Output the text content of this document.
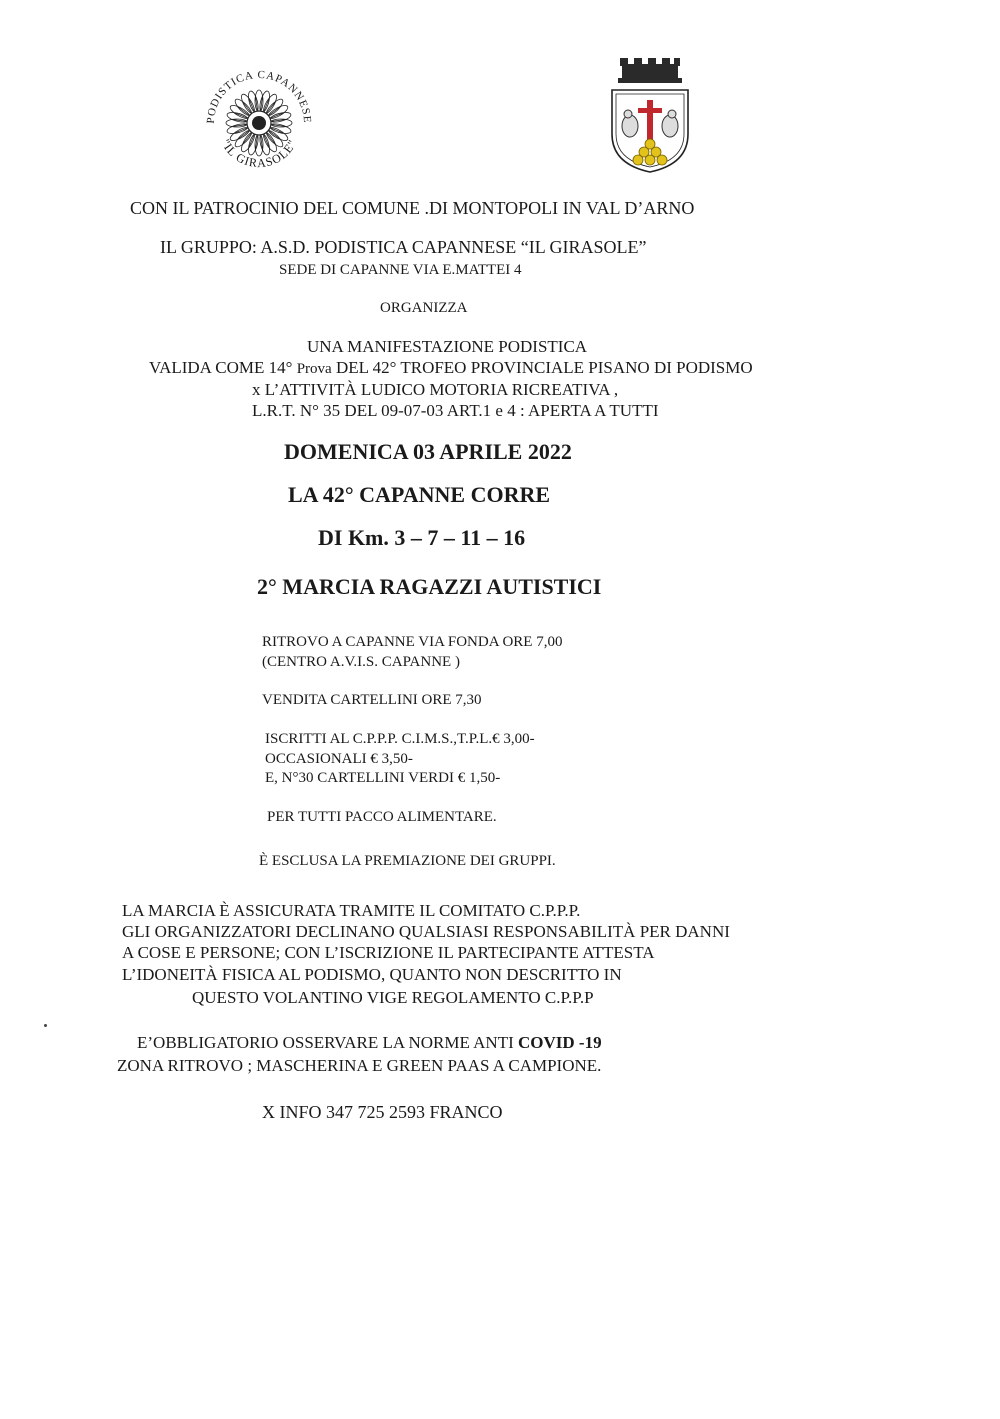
PODISTICA CAPANNESE
"IL GIRASOLE"
CON IL PATROCINIO DEL COMUNE .DI MONTOPOLI IN VAL D’ARNO
IL GRUPPO: A.S.D. PODISTICA CAPANNESE “IL GIRASOLE”
SEDE DI CAPANNE VIA E.MATTEI 4
ORGANIZZA
UNA MANIFESTAZIONE PODISTICA
VALIDA COME 14° Prova DEL 42° TROFEO PROVINCIALE PISANO DI PODISMO
x L’ATTIVITÀ LUDICO MOTORIA RICREATIVA ,
L.R.T. N° 35 DEL 09-07-03 ART.1 e 4 : APERTA A TUTTI
DOMENICA 03 APRILE 2022
LA 42° CAPANNE CORRE
DI Km. 3 – 7 – 11 – 16
2° MARCIA RAGAZZI AUTISTICI
RITROVO A CAPANNE VIA FONDA ORE 7,00
(CENTRO A.V.I.S. CAPANNE )
VENDITA CARTELLINI ORE 7,30
ISCRITTI AL C.P.P.P. C.I.M.S.,T.P.L.€ 3,00-
OCCASIONALI € 3,50-
E, N°30 CARTELLINI VERDI € 1,50-
PER TUTTI PACCO ALIMENTARE.
È ESCLUSA LA PREMIAZIONE DEI GRUPPI.
LA MARCIA È ASSICURATA TRAMITE IL COMITATO C.P.P.P.
GLI ORGANIZZATORI DECLINANO QUALSIASI RESPONSABILITÀ PER DANNI
A COSE E PERSONE; CON L’ISCRIZIONE IL PARTECIPANTE ATTESTA
L’IDONEITÀ FISICA AL PODISMO, QUANTO NON DESCRITTO IN
QUESTO VOLANTINO VIGE REGOLAMENTO C.P.P.P
E’OBBLIGATORIO OSSERVARE LA NORME ANTI COVID -19
ZONA RITROVO ; MASCHERINA E GREEN PAAS A CAMPIONE.
X INFO 347 725 2593 FRANCO
